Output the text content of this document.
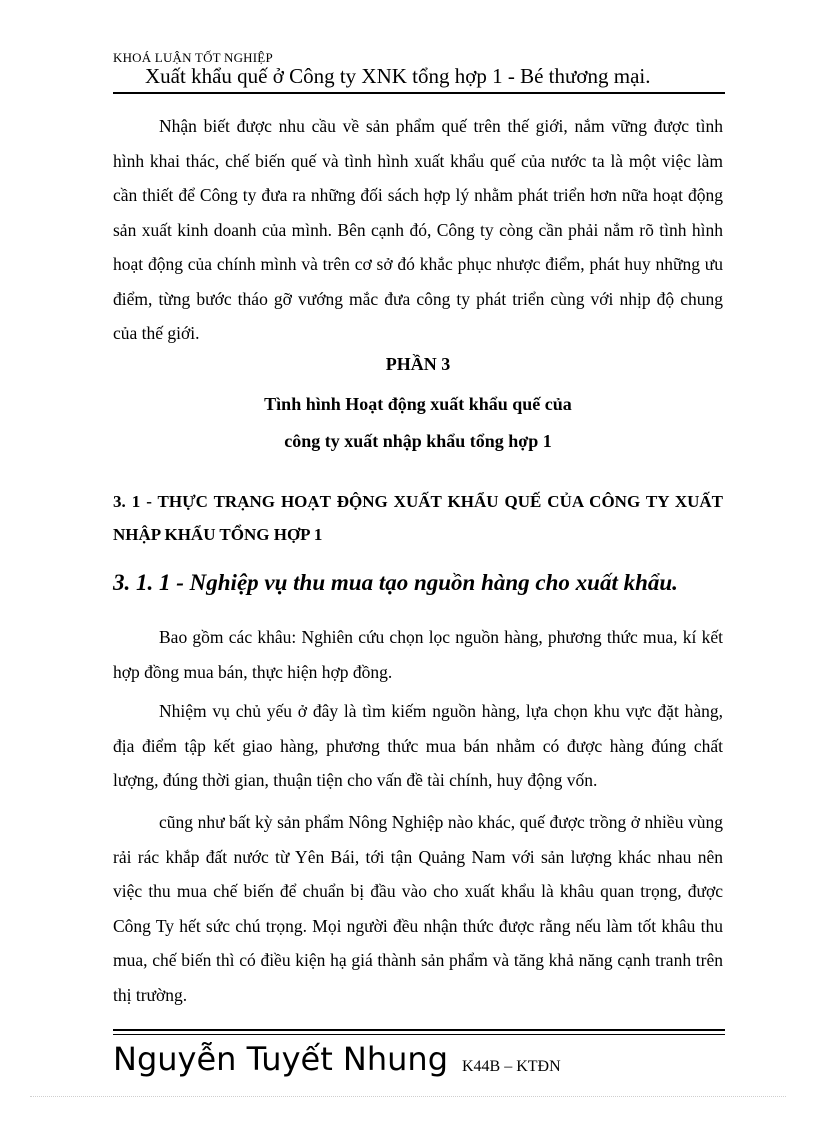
KHOÁ LUẬN TỐT NGHIỆP
Xuất khẩu quế ở Công ty XNK tổng hợp 1 - Bé thương mại.
Nhận biết được nhu cầu về sản phẩm quế trên thế giới, nắm vững được tình hình khai thác, chế biến quế và tình hình xuất khẩu quế của nước ta là một việc làm cần thiết để Công ty đưa ra những đối sách hợp lý nhằm phát triển hơn nữa hoạt động sản xuất kinh doanh của mình. Bên cạnh đó, Công ty còng cần phải nắm rõ tình hình hoạt động của chính mình và trên cơ sở đó khắc phục nhược điểm, phát huy những ưu điểm, từng bước tháo gỡ vướng mắc đưa công ty phát triển cùng với nhịp độ chung của thế giới.
PHẦN 3
Tình hình Hoạt động xuất khẩu quế của
công ty xuất nhập khẩu tổng hợp 1
3. 1 - THỰC TRẠNG HOẠT ĐỘNG XUẤT KHẨU QUẾ CỦA CÔNG TY XUẤT NHẬP KHẨU TỔNG HỢP 1
3. 1. 1 - Nghiệp vụ thu mua tạo nguồn hàng cho xuất khẩu.
Bao gồm các khâu: Nghiên cứu chọn lọc nguồn hàng, phương thức mua, kí kết hợp đồng mua bán, thực hiện hợp đồng.
Nhiệm vụ chủ yếu ở đây là tìm kiếm nguồn hàng, lựa chọn khu vực đặt hàng, địa điểm tập kết giao hàng, phương thức mua bán nhằm có được hàng đúng chất lượng, đúng thời gian, thuận tiện cho vấn đề tài chính, huy động vốn.
cũng như bất kỳ sản phẩm Nông Nghiệp nào khác, quế được trồng ở nhiều vùng rải rác khắp đất nước từ Yên Bái, tới tận Quảng Nam với sản lượng khác nhau nên việc thu mua chế biến để chuẩn bị đầu vào cho xuất khẩu là khâu quan trọng, được Công Ty hết sức chú trọng. Mọi người đều nhận thức được rằng nếu làm tốt khâu thu mua, chế biến thì có điều kiện hạ giá thành sản phẩm và tăng khả năng cạnh tranh trên thị trường.
Nguyễn Tuyết Nhung K44B – KTĐN
